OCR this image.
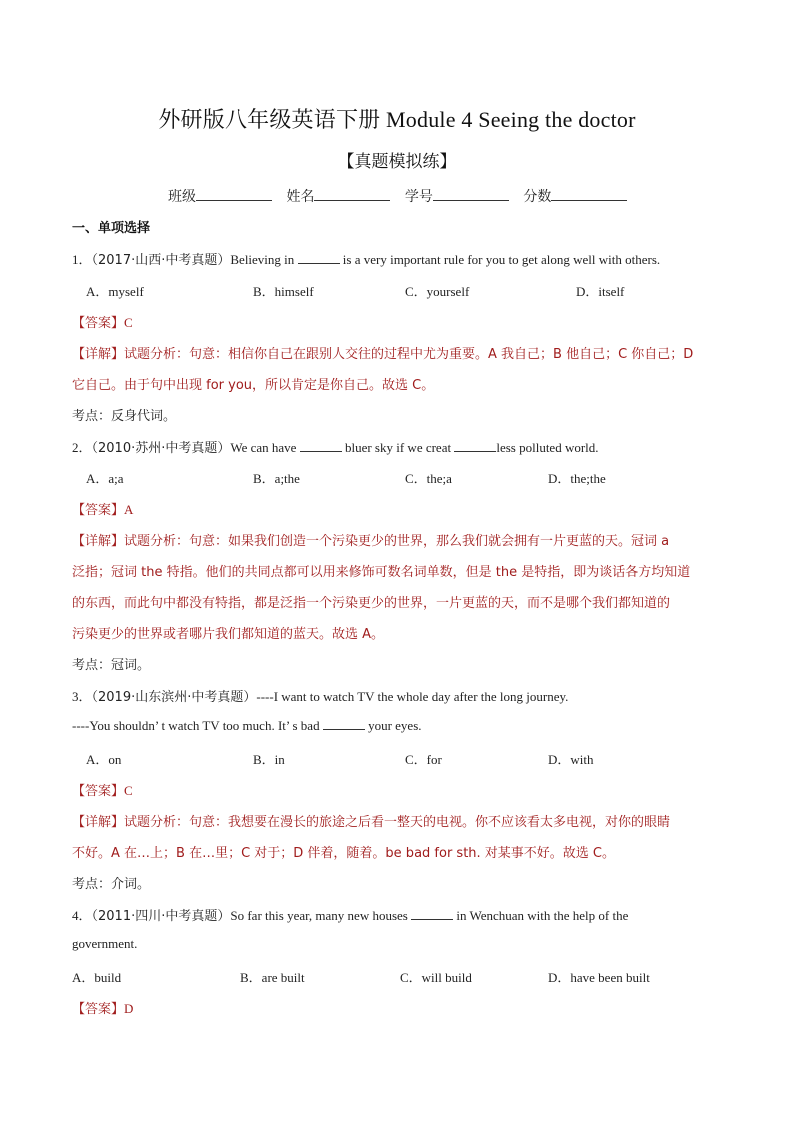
外研版八年级英语下册 Module 4 Seeing the doctor
【真题模拟练】
班级	姓名	学号	分数
一、单项选择
1．（2017·山西·中考真题）Believing in	is a very important rule for you to get along well with others.
A．myself	B．himself	C．yourself	D．itself
【答案】C
【详解】试题分析：句意：相信你自己在跟别人交往的过程中尤为重要。A 我自己；B 他自己；C 你自己；D
它自己。由于句中出现 for you，所以肯定是你自己。故选 C。
考点：反身代词。
2．（2010·苏州·中考真题）We can have	bluer sky if we creat	less polluted world.
A．a;a	B．a;the	C．the;a	D．the;the
【答案】A
【详解】试题分析：句意：如果我们创造一个污染更少的世界，那么我们就会拥有一片更蓝的天。冠词 a
泛指；冠词 the 特指。他们的共同点都可以用来修饰可数名词单数，但是 the 是特指，即为谈话各方均知道
的东西，而此句中都没有特指，都是泛指一个污染更少的世界，一片更蓝的天，而不是哪个我们都知道的
污染更少的世界或者哪片我们都知道的蓝天。故选 A。
考点：冠词。
3．（2019·山东滨州·中考真题）----I want to watch TV the whole day after the long journey.
----You shouldn’ t watch TV too much. It’ s bad	your eyes.
A．on	B．in	C．for	D．with
【答案】C
【详解】试题分析：句意：我想要在漫长的旅途之后看一整天的电视。你不应该看太多电视，对你的眼睛
不好。A 在…上；B 在…里；C 对于；D 伴着，随着。be bad for sth. 对某事不好。故选 C。
考点：介词。
4．（2011·四川·中考真题）So far this year, many new houses	in Wenchuan with the help of the
government.
A．build	B．are built	C．will build	D．have been built
【答案】D
